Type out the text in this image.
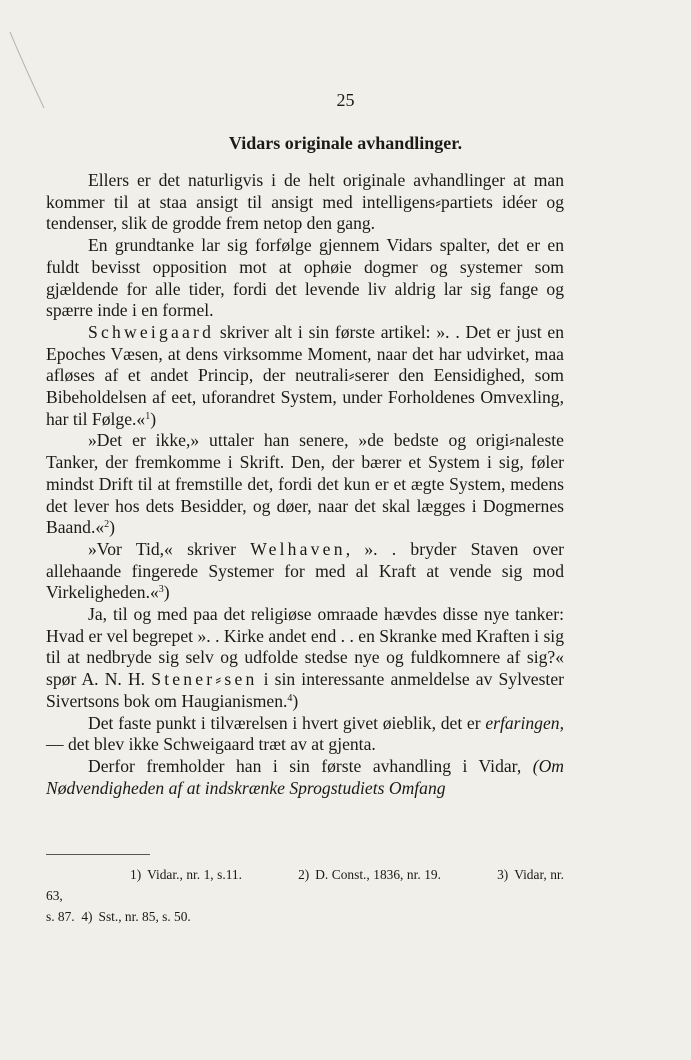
25
Vidars originale avhandlinger.

Ellers er det naturligvis i de helt originale avhandlinger at man kommer til at staa ansigt til ansigt med intelligens⸗partiets idéer og tendenser, slik de grodde frem netop den gang.

En grundtanke lar sig forfølge gjennem Vidars spalter, det er en fuldt bevisst opposition mot at ophøie dogmer og systemer som gjældende for alle tider, fordi det levende liv aldrig lar sig fange og spærre inde i en formel.

Schweigaard skriver alt i sin første artikel: ». . Det er just en Epoches Væsen, at dens virksomme Moment, naar det har udvirket, maa afløses af et andet Princip, der neutrali⸗serer den Eensidighed, som Bibeholdelsen af eet, uforandret System, under Forholdenes Omvexling, har til Følge.«$^1$)

»Det er ikke,» uttaler han senere, »de bedste og origi⸗naleste Tanker, der fremkomme i Skrift. Den, der bærer et System i sig, føler mindst Drift til at fremstille det, fordi det kun er et ægte System, medens det lever hos dets Besidder, og døer, naar det skal lægges i Dogmernes Baand.«$^2$)

»Vor Tid,« skriver Welhaven, ». . bryder Staven over allehaande fingerede Systemer for med al Kraft at vende sig mod Virkeligheden.«$^3$)

Ja, til og med paa det religiøse omraade hævdes disse nye tanker: Hvad er vel begrepet ». . Kirke andet end . . en Skranke med Kraften i sig til at nedbryde sig selv og udfolde stedse nye og fuldkomnere af sig?« spør A. N. H. Stener⸗sen i sin interessante anmeldelse av Sylvester Sivertsons bok om Haugianismen.$^4$)

Det faste punkt i tilværelsen i hvert givet øieblik, det er erfaringen, — det blev ikke Schweigaard træt av at gjenta.

Derfor fremholder han i sin første avhandling i Vidar, (Om Nødvendigheden af at indskrænke Sprogstudiets Omfang

1) Vidar., nr. 1, s.11.	2) D. Const., 1836, nr. 19.	3) Vidar, nr. 63,

s. 87. 4) Sst., nr. 85, s. 50.
